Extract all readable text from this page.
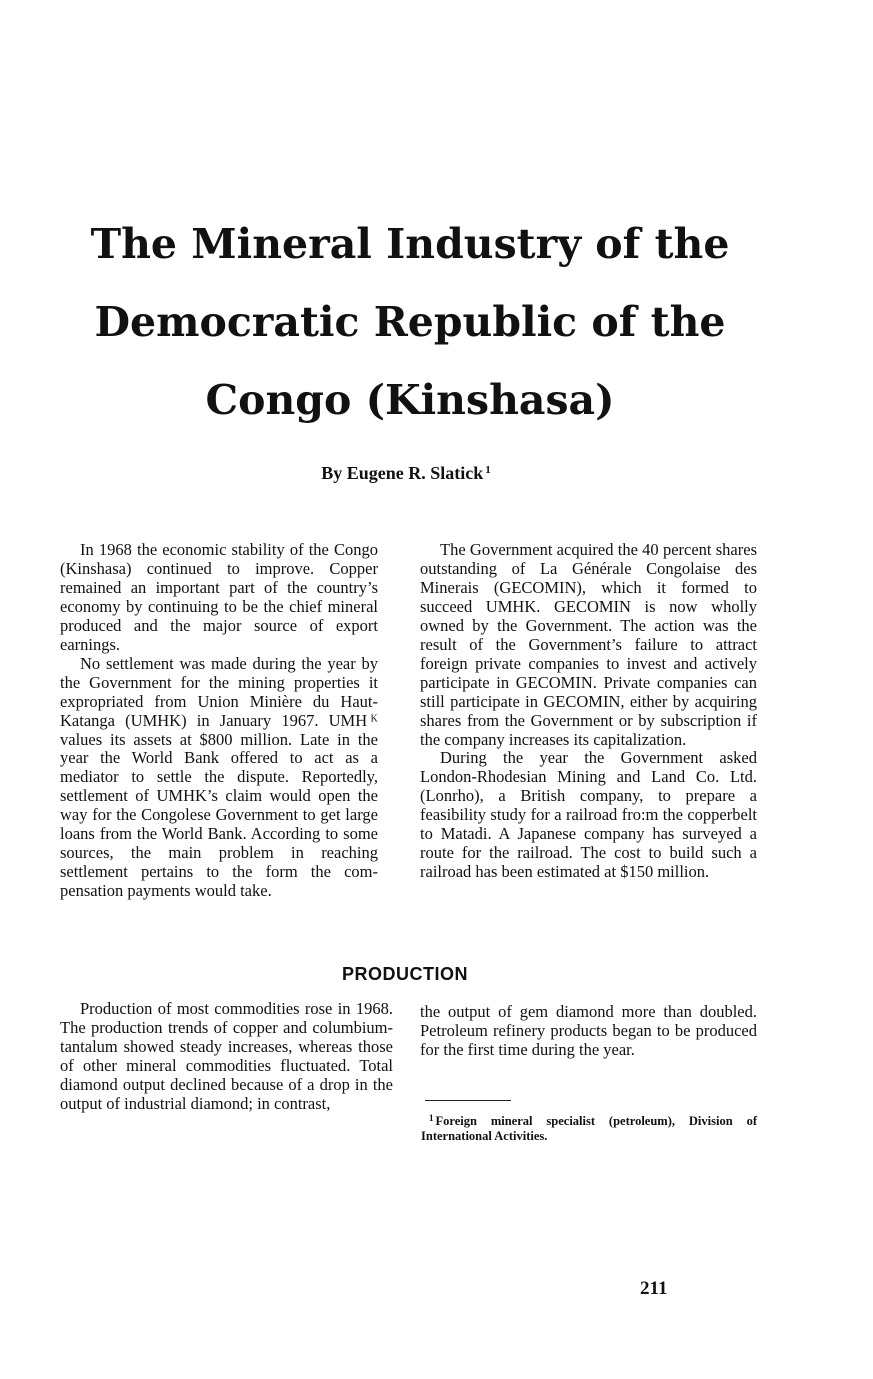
The Mineral Industry of the
Democratic Republic of the
Congo (Kinshasa)
By Eugene R. Slatick $^1$

In 1968 the economic stability of the Congo (Kinshasa) continued to improve. Copper remained an important part of the country’s economy by continuing to be the chief mineral produced and the major source of export earnings.

No settlement was made during the year by the Government for the mining properties it expropriated from Union Minière du Haut-Katanga (UMHK) in January 1967. UMH ᴷ values its assets at $800 million. Late in the year the World Bank offered to act as a mediator to settle the dispute. Reportedly, settlement of UMHK’s claim would open the way for the Congolese Government to get large loans from the World Bank. According to some sources, the main problem in reaching settlement pertains to the form the compensation payments would take.

The Government acquired the 40 percent shares outstanding of La Générale Congolaise des Minerais (GECOMIN), which it formed to succeed UMHK. GECOMIN is now wholly owned by the Government. The action was the result of the Government’s failure to attract foreign private companies to invest and actively participate in GECOMIN. Private companies can still participate in GECOMIN, either by acquiring shares from the Government or by subscription if the company increases its capitalization.

During the year the Government asked London-Rhodesian Mining and Land Co. Ltd. (Lonrho), a British company, to prepare a feasibility study for a railroad fro:m the copperbelt to Matadi. A Japanese company has surveyed a route for the railroad. The cost to build such a railroad has been estimated at $150 million.

PRODUCTION

Production of most commodities rose in 1968. The production trends of copper and columbium-tantalum showed steady increases, whereas those of other mineral commodities fluctuated. Total diamond output declined because of a drop in the output of industrial diamond; in contrast,

the output of gem diamond more than doubled. Petroleum refinery products began to be produced for the first time during the year.

$^1$ Foreign mineral specialist (petroleum), Division of International Activities.
211
